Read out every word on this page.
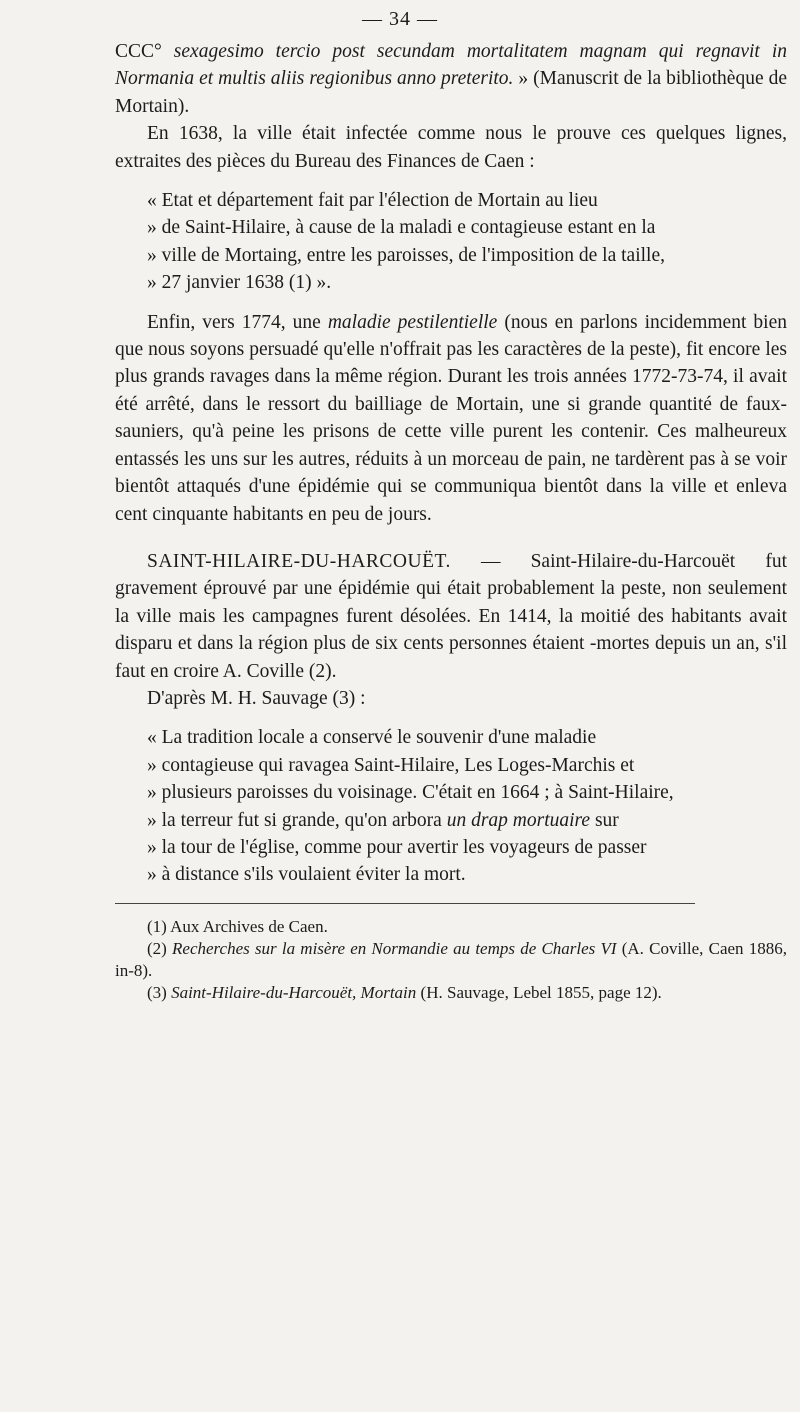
— 34 —

CCC° sexagesimo tercio post secundam mortalitatem magnam qui regnavit in Normania et multis aliis regionibus anno preterito. » (Manuscrit de la bibliothèque de Mortain).

En 1638, la ville était infectée comme nous le prouve ces quelques lignes, extraites des pièces du Bureau des Finances de Caen :

« Etat et département fait par l'élection de Mortain au lieu

» de Saint-Hilaire, à cause de la maladi e contagieuse estant en la

» ville de Mortaing, entre les paroisses, de l'imposition de la taille,

» 27 janvier 1638 (1) ».

Enfin, vers 1774, une maladie pestilentielle (nous en parlons incidemment bien que nous soyons persuadé qu'elle n'offrait pas les caractères de la peste), fit encore les plus grands ravages dans la même région. Durant les trois années 1772-73-74, il avait été arrêté, dans le ressort du bailliage de Mortain, une si grande quantité de faux-sauniers, qu'à peine les prisons de cette ville purent les contenir. Ces malheureux entassés les uns sur les autres, réduits à un morceau de pain, ne tardèrent pas à se voir bientôt attaqués d'une épidémie qui se communiqua bientôt dans la ville et enleva cent cinquante habitants en peu de jours.

SAINT-HILAIRE-DU-HARCOUËT. — Saint-Hilaire-du-Harcouët fut gravement éprouvé par une épidémie qui était probablement la peste, non seulement la ville mais les campagnes furent désolées. En 1414, la moitié des habitants avait disparu et dans la région plus de six cents personnes étaient -mortes depuis un an, s'il faut en croire A. Coville (2).

D'après M. H. Sauvage (3) :

« La tradition locale a conservé le souvenir d'une maladie

» contagieuse qui ravagea Saint-Hilaire, Les Loges-Marchis et

» plusieurs paroisses du voisinage. C'était en 1664 ; à Saint-Hilaire,

» la terreur fut si grande, qu'on arbora un drap mortuaire sur

» la tour de l'église, comme pour avertir les voyageurs de passer

» à distance s'ils voulaient éviter la mort.

(1) Aux Archives de Caen.

(2) Recherches sur la misère en Normandie au temps de Charles VI (A. Coville, Caen 1886, in-8).

(3) Saint-Hilaire-du-Harcouët, Mortain (H. Sauvage, Lebel 1855, page 12).
